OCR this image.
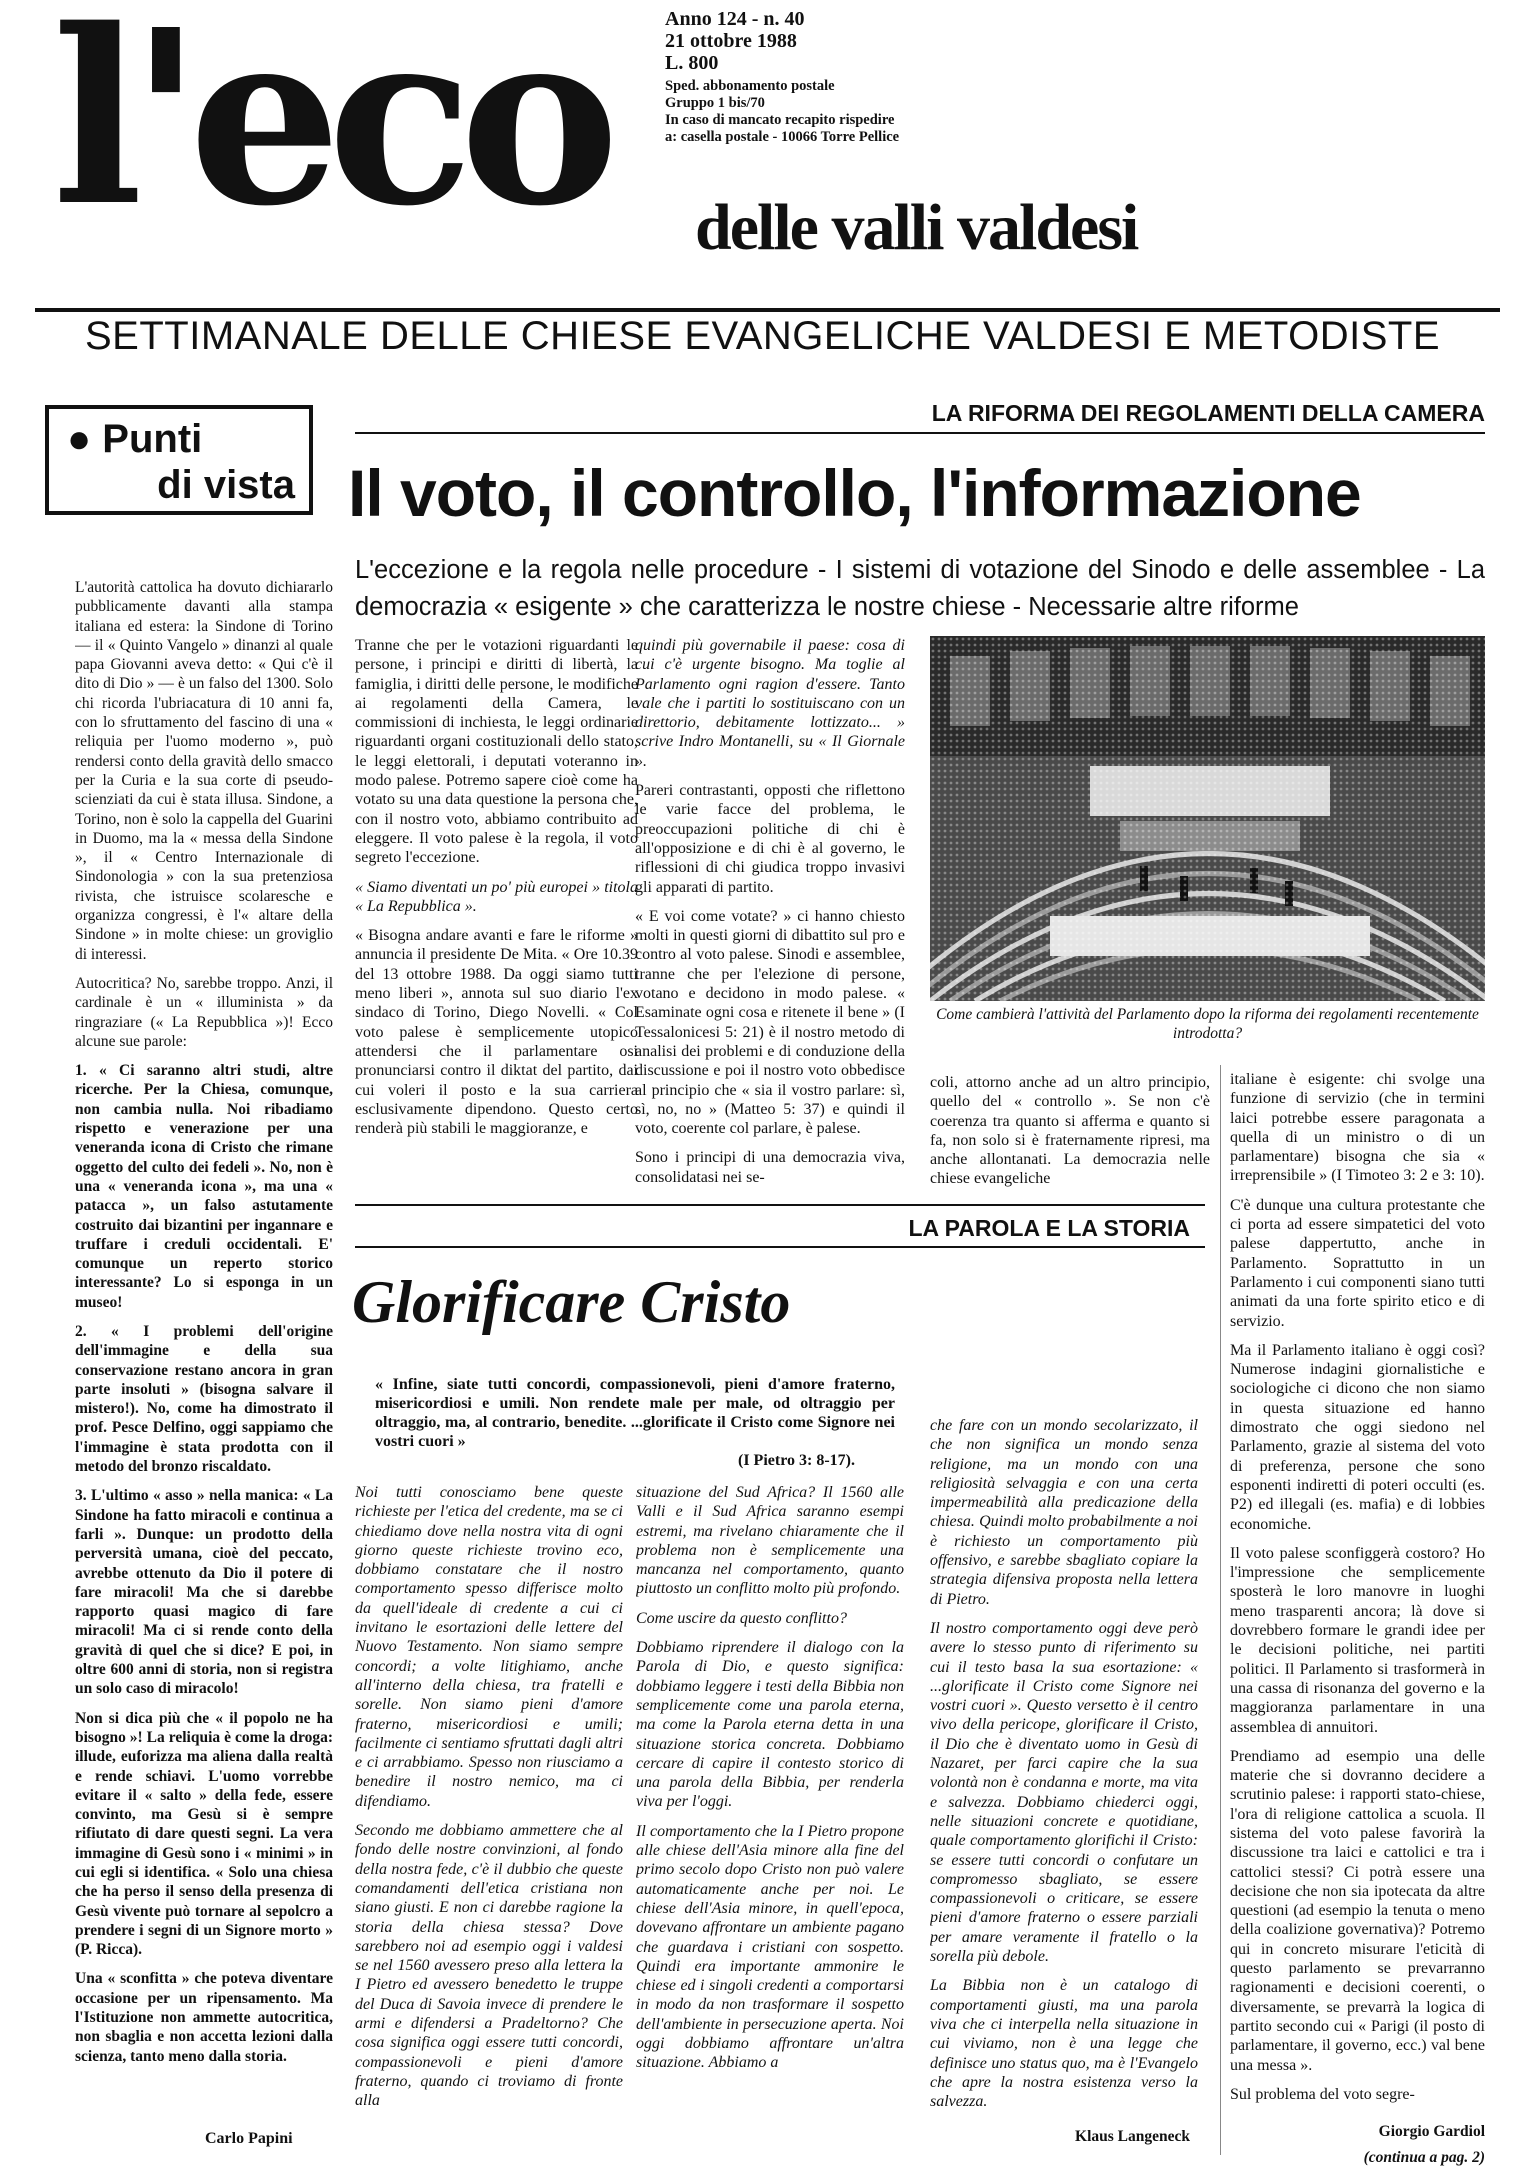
l'eco	Anno 124 - n. 40
21 ottobre 1988
L. 800
Sped. abbonamento postale
Gruppo 1 bis/70
In caso di mancato recapito rispedire
a: casella postale - 10066 Torre Pellice
delle valli valdesi
SETTIMANALE DELLE CHIESE EVANGELICHE VALDESI E METODISTE
● Punti
di vista
LA RIFORMA DEI REGOLAMENTI DELLA CAMERA
Il voto, il controllo, l'informazione
L'eccezione e la regola nelle procedure - I sistemi di votazione del Sinodo e delle assemblee - La democrazia « esigente » che caratterizza le nostre chiese - Necessarie altre riforme

L'autorità cattolica ha dovuto dichiararlo pubblicamente davanti alla stampa italiana ed estera: la Sindone di Torino — il « Quinto Vangelo » dinanzi al quale papa Giovanni aveva detto: « Qui c'è il dito di Dio » — è un falso del 1300. Solo chi ricorda l'ubriacatura di 10 anni fa, con lo sfruttamento del fascino di una « reliquia per l'uomo moderno », può rendersi conto della gravità dello smacco per la Curia e la sua corte di pseudo-scienziati da cui è stata illusa. Sindone, a Torino, non è solo la cappella del Guarini in Duomo, ma la « messa della Sindone », il « Centro Internazionale di Sindonologia » con la sua pretenziosa rivista, che istruisce scolaresche e organizza congressi, è l'« altare della Sindone » in molte chiese: un groviglio di interessi.

Autocritica? No, sarebbe troppo. Anzi, il cardinale è un « illuminista » da ringraziare (« La Repubblica »)! Ecco alcune sue parole:

1. « Ci saranno altri studi, altre ricerche. Per la Chiesa, comunque, non cambia nulla. Noi ribadiamo rispetto e venerazione per una veneranda icona di Cristo che rimane oggetto del culto dei fedeli ». No, non è una « veneranda icona », ma una « patacca », un falso astutamente costruito dai bizantini per ingannare e truffare i creduli occidentali. E' comunque un reperto storico interessante? Lo si esponga in un museo!

2. « I problemi dell'origine dell'immagine e della sua conservazione restano ancora in gran parte insoluti » (bisogna salvare il mistero!). No, come ha dimostrato il prof. Pesce Delfino, oggi sappiamo che l'immagine è stata prodotta con il metodo del bronzo riscaldato.

3. L'ultimo « asso » nella manica: « La Sindone ha fatto miracoli e continua a farli ». Dunque: un prodotto della perversità umana, cioè del peccato, avrebbe ottenuto da Dio il potere di fare miracoli! Ma che si darebbe rapporto quasi magico di fare miracoli! Ma ci si rende conto della gravità di quel che si dice? E poi, in oltre 600 anni di storia, non si registra un solo caso di miracolo!

Non si dica più che « il popolo ne ha bisogno »! La reliquia è come la droga: illude, euforizza ma aliena dalla realtà e rende schiavi. L'uomo vorrebbe evitare il « salto » della fede, essere convinto, ma Gesù si è sempre rifiutato di dare questi segni. La vera immagine di Gesù sono i « minimi » in cui egli si identifica. « Solo una chiesa che ha perso il senso della presenza di Gesù vivente può tornare al sepolcro a prendere i segni di un Signore morto » (P. Ricca).

Una « sconfitta » che poteva diventare occasione per un ripensamento. Ma l'Istituzione non ammette autocritica, non sbaglia e non accetta lezioni dalla scienza, tanto meno dalla storia.

Carlo Papini

Tranne che per le votazioni riguardanti le persone, i principi e diritti di libertà, la famiglia, i diritti delle persone, le modifiche ai regolamenti della Camera, le commissioni di inchiesta, le leggi ordinarie riguardanti organi costituzionali dello stato, le leggi elettorali, i deputati voteranno in modo palese. Potremo sapere cioè come ha votato su una data questione la persona che, con il nostro voto, abbiamo contribuito ad eleggere. Il voto palese è la regola, il voto segreto l'eccezione.

« Siamo diventati un po' più europei » titola « La Repubblica ».

« Bisogna andare avanti e fare le riforme » annuncia il presidente De Mita. « Ore 10.39 del 13 ottobre 1988. Da oggi siamo tutti meno liberi », annota sul suo diario l'ex sindaco di Torino, Diego Novelli. « Col voto palese è semplicemente utopico attendersi che il parlamentare osi pronunciarsi contro il diktat del partito, dai cui voleri il posto e la sua carriera esclusivamente dipendono. Questo certo renderà più stabili le maggioranze, e

quindi più governabile il paese: cosa di cui c'è urgente bisogno. Ma toglie al Parlamento ogni ragion d'essere. Tanto vale che i partiti lo sostituiscano con un direttorio, debitamente lottizzato... » scrive Indro Montanelli, su « Il Giornale ».

Pareri contrastanti, opposti che riflettono le varie facce del problema, le preoccupazioni politiche di chi è all'opposizione e di chi è al governo, le riflessioni di chi giudica troppo invasivi gli apparati di partito.

« E voi come votate? » ci hanno chiesto molti in questi giorni di dibattito sul pro e contro al voto palese. Sinodi e assemblee, tranne che per l'elezione di persone, votano e decidono in modo palese. « Esaminate ogni cosa e ritenete il bene » (I Tessalonicesi 5: 21) è il nostro metodo di analisi dei problemi e di conduzione della discussione e poi il nostro voto obbedisce al principio che « sia il vostro parlare: sì, sì, no, no » (Matteo 5: 37) e quindi il voto, coerente col parlare, è palese.

Sono i principi di una democrazia viva, consolidatasi nei se-

Come cambierà l'attività del Parlamento dopo la riforma dei regolamenti recentemente introdotta?

coli, attorno anche ad un altro principio, quello del « controllo ». Se non c'è coerenza tra quanto si afferma e quanto si fa, non solo si è fraternamente ripresi, ma anche allontanati. La democrazia nelle chiese evangeliche

italiane è esigente: chi svolge una funzione di servizio (che in termini laici potrebbe essere paragonata a quella di un ministro o di un parlamentare) bisogna che sia « irreprensibile » (I Timoteo 3: 2 e 3: 10).

C'è dunque una cultura protestante che ci porta ad essere simpatetici del voto palese dappertutto, anche in Parlamento. Soprattutto in un Parlamento i cui componenti siano tutti animati da una forte spirito etico e di servizio.

Ma il Parlamento italiano è oggi così? Numerose indagini giornalistiche e sociologiche ci dicono che non siamo in questa situazione ed hanno dimostrato che oggi siedono nel Parlamento, grazie al sistema del voto di preferenza, persone che sono esponenti indiretti di poteri occulti (es. P2) ed illegali (es. mafia) e di lobbies economiche.

Il voto palese sconfiggerà costoro? Ho l'impressione che semplicemente sposterà le loro manovre in luoghi meno trasparenti ancora; là dove si dovrebbero formare le grandi idee per le decisioni politiche, nei partiti politici. Il Parlamento si trasformerà in una cassa di risonanza del governo e la maggioranza parlamentare in una assemblea di annuitori.

Prendiamo ad esempio una delle materie che si dovranno decidere a scrutinio palese: i rapporti stato-chiese, l'ora di religione cattolica a scuola. Il sistema del voto palese favorirà la discussione tra laici e cattolici e tra i cattolici stessi? Ci potrà essere una decisione che non sia ipotecata da altre questioni (ad esempio la tenuta o meno della coalizione governativa)? Potremo qui in concreto misurare l'eticità di questo parlamento se prevarranno ragionamenti e decisioni coerenti, o diversamente, se prevarrà la logica di partito secondo cui « Parigi (il posto di parlamentare, il governo, ecc.) val bene una messa ».

Sul problema del voto segre-

Giorgio Gardiol
(continua a pag. 2)
LA PAROLA E LA STORIA
Glorificare Cristo
« Infine, siate tutti concordi, compassionevoli, pieni d'amore fraterno, misericordiosi e umili. Non rendete male per male, od oltraggio per oltraggio, ma, al contrario, benedite. ...glorificate il Cristo come Signore nei vostri cuori »
(I Pietro 3: 8-17).

Noi tutti conosciamo bene queste richieste per l'etica del credente, ma se ci chiediamo dove nella nostra vita di ogni giorno queste richieste trovino eco, dobbiamo constatare che il nostro comportamento spesso differisce molto da quell'ideale di credente a cui ci invitano le esortazioni delle lettere del Nuovo Testamento. Non siamo sempre concordi; a volte litighiamo, anche all'interno della chiesa, tra fratelli e sorelle. Non siamo pieni d'amore fraterno, misericordiosi e umili; facilmente ci sentiamo sfruttati dagli altri e ci arrabbiamo. Spesso non riusciamo a benedire il nostro nemico, ma ci difendiamo.

Secondo me dobbiamo ammettere che al fondo delle nostre convinzioni, al fondo della nostra fede, c'è il dubbio che queste comandamenti dell'etica cristiana non siano giusti. E non ci darebbe ragione la storia della chiesa stessa? Dove sarebbero noi ad esempio oggi i valdesi se nel 1560 avessero preso alla lettera la I Pietro ed avessero benedetto le truppe del Duca di Savoia invece di prendere le armi e difendersi a Pradeltorno? Che cosa significa oggi essere tutti concordi, compassionevoli e pieni d'amore fraterno, quando ci troviamo di fronte alla

situazione del Sud Africa? Il 1560 alle Valli e il Sud Africa saranno esempi estremi, ma rivelano chiaramente che il problema non è semplicemente una mancanza nel comportamento, quanto piuttosto un conflitto molto più profondo.

Come uscire da questo conflitto?

Dobbiamo riprendere il dialogo con la Parola di Dio, e questo significa: dobbiamo leggere i testi della Bibbia non semplicemente come una parola eterna, ma come la Parola eterna detta in una situazione storica concreta. Dobbiamo cercare di capire il contesto storico di una parola della Bibbia, per renderla viva per l'oggi.

Il comportamento che la I Pietro propone alle chiese dell'Asia minore alla fine del primo secolo dopo Cristo non può valere automaticamente anche per noi. Le chiese dell'Asia minore, in quell'epoca, dovevano affrontare un ambiente pagano che guardava i cristiani con sospetto. Quindi era importante ammonire le chiese ed i singoli credenti a comportarsi in modo da non trasformare il sospetto dell'ambiente in persecuzione aperta. Noi oggi dobbiamo affrontare un'altra situazione. Abbiamo a

che fare con un mondo secolarizzato, il che non significa un mondo senza religione, ma un mondo con una religiosità selvaggia e con una certa impermeabilità alla predicazione della chiesa. Quindi molto probabilmente a noi è richiesto un comportamento più offensivo, e sarebbe sbagliato copiare la strategia difensiva proposta nella lettera di Pietro.

Il nostro comportamento oggi deve però avere lo stesso punto di riferimento su cui il testo basa la sua esortazione: « ...glorificate il Cristo come Signore nei vostri cuori ». Questo versetto è il centro vivo della pericope, glorificare il Cristo, il Dio che è diventato uomo in Gesù di Nazaret, per farci capire che la sua volontà non è condanna e morte, ma vita e salvezza. Dobbiamo chiederci oggi, nelle situazioni concrete e quotidiane, quale comportamento glorifichi il Cristo: se essere tutti concordi o confutare un compromesso sbagliato, se essere compassionevoli o criticare, se essere pieni d'amore fraterno o essere parziali per amare veramente il fratello o la sorella più debole.

La Bibbia non è un catalogo di comportamenti giusti, ma una parola viva che ci interpella nella situazione in cui viviamo, non è una legge che definisce uno status quo, ma è l'Evangelo che apre la nostra esistenza verso la salvezza.

Klaus Langeneck
